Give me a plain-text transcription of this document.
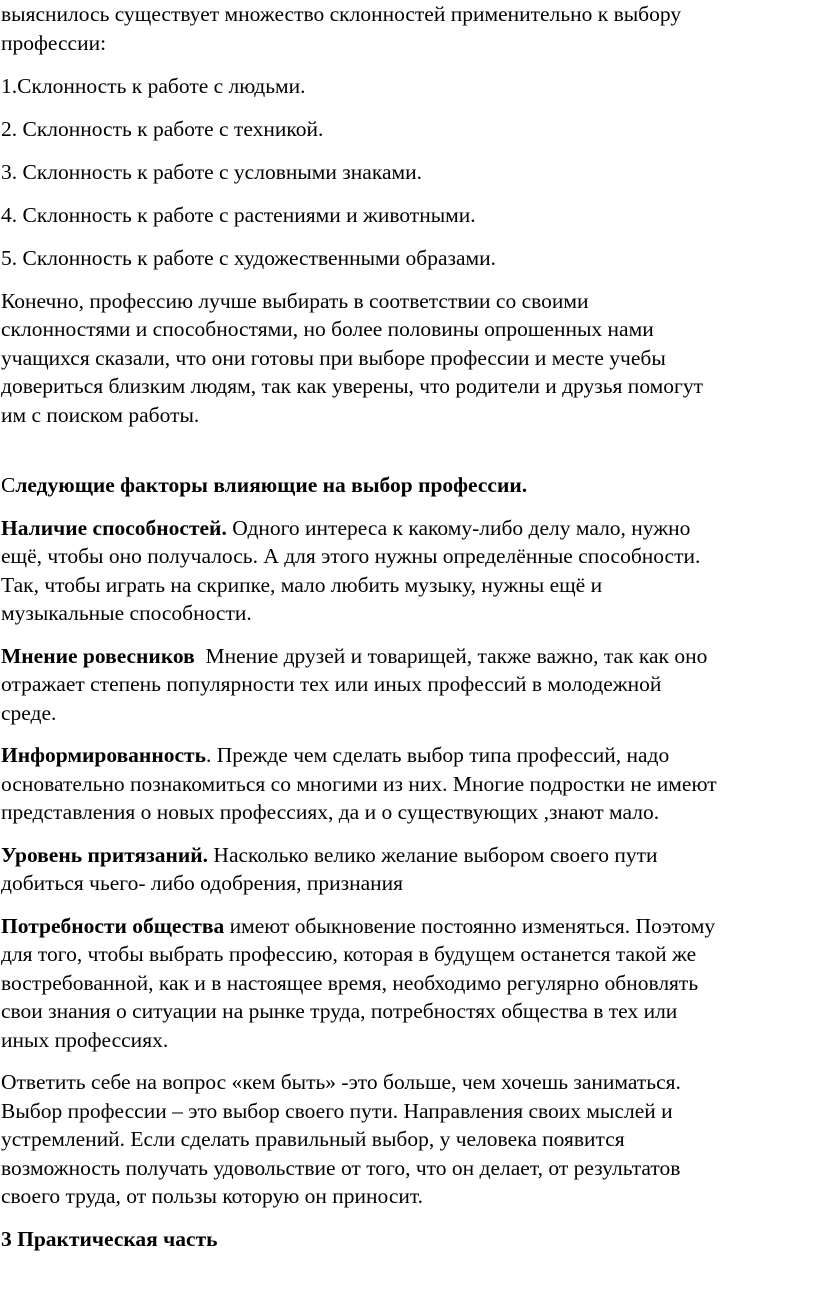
выяснилось существует множество склонностей применительно к выбору
профессии:
1.Склонность к работе с людьми.
2. Склонность к работе с техникой.
3. Склонность к работе с условными знаками.
4. Склонность к работе с растениями и животными.
5. Склонность к работе с художественными образами.
Конечно, профессию лучше выбирать в соответствии со своими
склонностями и способностями, но более половины опрошенных нами
учащихся сказали, что они готовы при выборе профессии и месте учебы
довериться близким людям, так как уверены, что родители и друзья помогут
им с поиском работы.
Следующие факторы влияющие на выбор профессии.
Наличие способностей. Одного интереса к какому-либо делу мало, нужно
ещё, чтобы оно получалось. А для этого нужны определённые способности.
Так, чтобы играть на скрипке, мало любить музыку, нужны ещё и
музыкальные способности.
Мнение ровесников  Мнение друзей и товарищей, также важно, так как оно
отражает степень популярности тех или иных профессий в молодежной
среде.
Информированность. Прежде чем сделать выбор типа профессий, надо
основательно познакомиться со многими из них. Многие подростки не имеют
представления о новых профессиях, да и о существующих ,знают мало.
Уровень притязаний. Насколько велико желание выбором своего пути
добиться чьего- либо одобрения, признания
Потребности общества имеют обыкновение постоянно изменяться. Поэтому
для того, чтобы выбрать профессию, которая в будущем останется такой же
востребованной, как и в настоящее время, необходимо регулярно обновлять
свои знания о ситуации на рынке труда, потребностях общества в тех или
иных профессиях.
Ответить себе на вопрос «кем быть» -это больше, чем хочешь заниматься.
Выбор профессии – это выбор своего пути. Направления своих мыслей и
устремлений. Если сделать правильный выбор, у человека появится
возможность получать удовольствие от того, что он делает, от результатов
своего труда, от пользы которую он приносит.
3 Практическая часть
